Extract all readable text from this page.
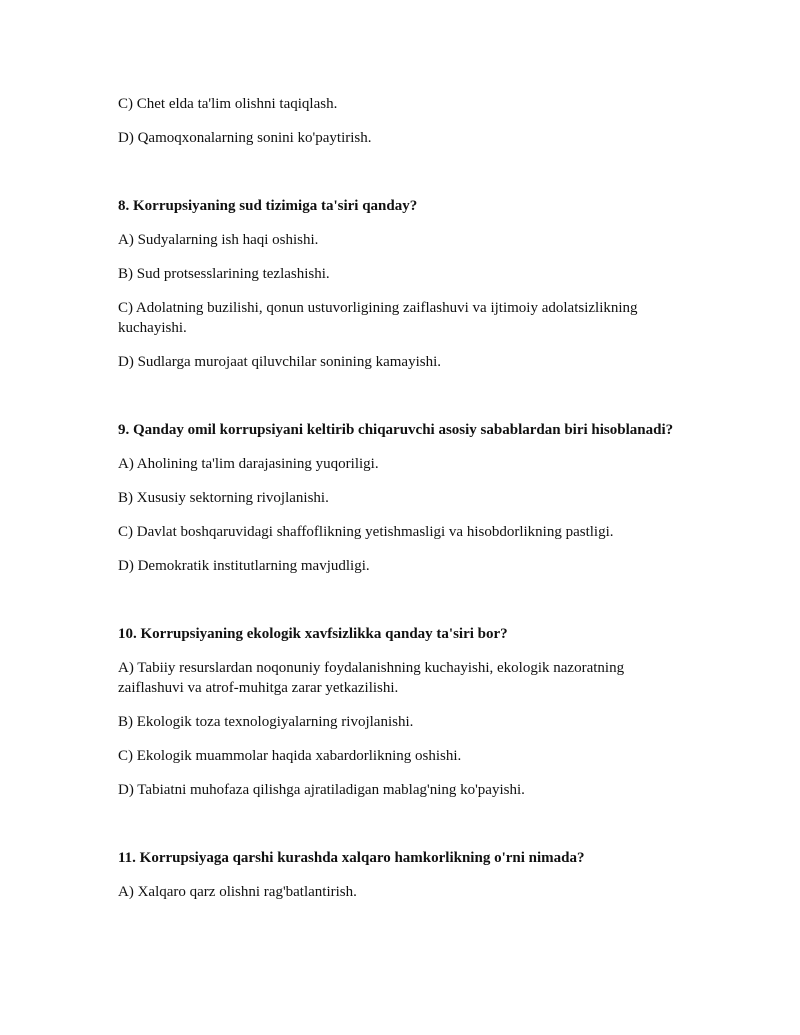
C) Chet elda ta'lim olishni taqiqlash.

D) Qamoqxonalarning sonini ko'paytirish.

8. Korrupsiyaning sud tizimiga ta'siri qanday?

A) Sudyalarning ish haqi oshishi.

B) Sud protsesslarining tezlashishi.

C) Adolatning buzilishi, qonun ustuvorligining zaiflashuvi va ijtimoiy adolatsizlikning kuchayishi.

D) Sudlarga murojaat qiluvchilar sonining kamayishi.

9. Qanday omil korrupsiyani keltirib chiqaruvchi asosiy sabablardan biri hisoblanadi?

A) Aholining ta'lim darajasining yuqoriligi.

B) Xususiy sektorning rivojlanishi.

C) Davlat boshqaruvidagi shaffoflikning yetishmasligi va hisobdorlikning pastligi.

D) Demokratik institutlarning mavjudligi.

10. Korrupsiyaning ekologik xavfsizlikka qanday ta'siri bor?

A) Tabiiy resurslardan noqonuniy foydalanishning kuchayishi, ekologik nazoratning zaiflashuvi va atrof-muhitga zarar yetkazilishi.

B) Ekologik toza texnologiyalarning rivojlanishi.

C) Ekologik muammolar haqida xabardorlikning oshishi.

D) Tabiatni muhofaza qilishga ajratiladigan mablag'ning ko'payishi.

11. Korrupsiyaga qarshi kurashda xalqaro hamkorlikning o'rni nimada?

A) Xalqaro qarz olishni rag'batlantirish.
